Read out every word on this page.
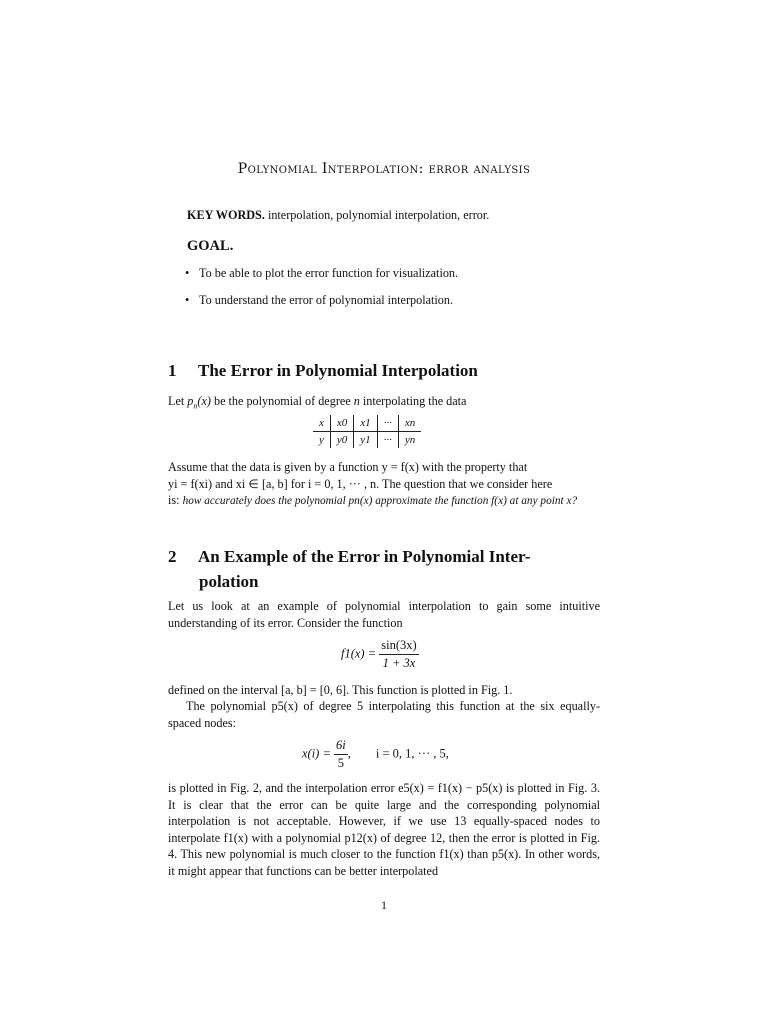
Polynomial Interpolation: error analysis
KEY WORDS. interpolation, polynomial interpolation, error.
GOAL.
• To be able to plot the error function for visualization.
• To understand the error of polynomial interpolation.
1 The Error in Polynomial Interpolation
Let $p_n(x)$ be the polynomial of degree n interpolating the data
x	x0	x1	···	xn
y	y0	y1	···	yn
Assume that the data is given by a function y = f(x) with the property that
yi = f(xi) and xi ∈ [a, b] for i = 0, 1, ··· , n. The question that we consider here
is: how accurately does the polynomial pn(x) approximate the function f(x) at any point x?
2 An Example of the Error in Polynomial Inter-
polation
Let us look at an example of polynomial interpolation to gain some intuitive understanding of its error. Consider the function
$f1(x) = \frac{\sin(3x)}{1 + 3x}$
defined on the interval [a, b] = [0, 6]. This function is plotted in Fig. 1.
The polynomial p5(x) of degree 5 interpolating this function at the six equally-spaced nodes:
$x(i) = \frac{6i}{5}$ ,        i = 0, 1, ··· , 5,
is plotted in Fig. 2, and the interpolation error e5(x) = f1(x) − p5(x) is plotted in Fig. 3. It is clear that the error can be quite large and the corresponding polynomial interpolation is not acceptable. However, if we use 13 equally-spaced nodes to interpolate f1(x) with a polynomial p12(x) of degree 12, then the error is plotted in Fig. 4. This new polynomial is much closer to the function f1(x) than p5(x). In other words, it might appear that functions can be better interpolated
1
